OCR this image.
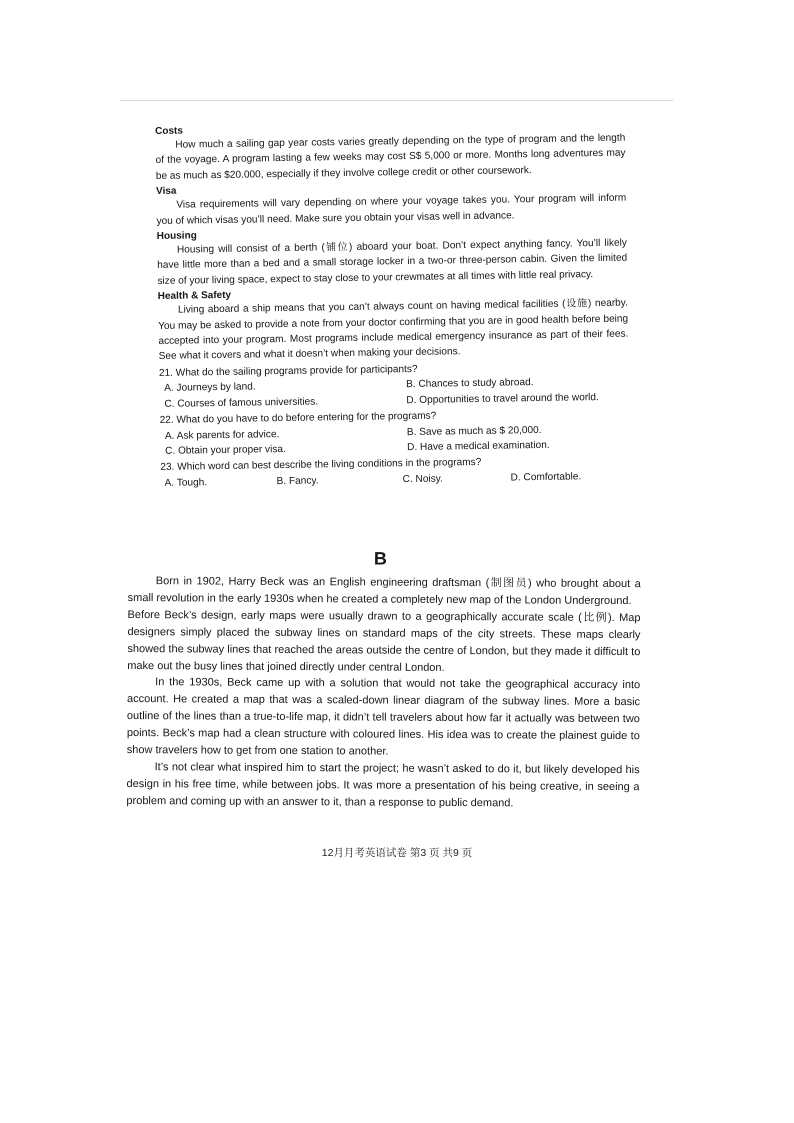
Costs

How much a sailing gap year costs varies greatly depending on the type of program and the length of the voyage. A program lasting a few weeks may cost S$ 5,000 or more. Months long adventures may be as much as $20.000, especially if they involve college credit or other coursework.

Visa

Visa requirements will vary depending on where your voyage takes you. Your program will inform you of which visas you’ll need. Make sure you obtain your visas well in advance.

Housing

Housing will consist of a berth (铺位) aboard your boat. Don’t expect anything fancy. You’ll likely have little more than a bed and a small storage locker in a two-or three-person cabin. Given the limited size of your living space, expect to stay close to your crewmates at all times with little real privacy.

Health & Safety

Living aboard a ship means that you can’t always count on having medical facilities (设施) nearby. You may be asked to provide a note from your doctor confirming that you are in good health before being accepted into your program. Most programs include medical emergency insurance as part of their fees. See what it covers and what it doesn’t when making your decisions.

21. What do the sailing programs provide for participants?
A. Journeys by land.	B. Chances to study abroad.
C. Courses of famous universities.	D. Opportunities to travel around the world.
22. What do you have to do before entering for the programs?
A. Ask parents for advice.	B. Save as much as $ 20,000.
C. Obtain your proper visa.	D. Have a medical examination.
23. Which word can best describe the living conditions in the programs?
A. Tough.	B. Fancy.	C. Noisy.	D. Comfortable.
B

Born in 1902, Harry Beck was an English engineering draftsman (制图员) who brought about a small revolution in the early 1930s when he created a completely new map of the London Underground.

Before Beck’s design, early maps were usually drawn to a geographically accurate scale (比例). Map designers simply placed the subway lines on standard maps of the city streets. These maps clearly showed the subway lines that reached the areas outside the centre of London, but they made it difficult to make out the busy lines that joined directly under central London.

In the 1930s, Beck came up with a solution that would not take the geographical accuracy into account. He created a map that was a scaled-down linear diagram of the subway lines. More a basic outline of the lines than a true-to-life map, it didn’t tell travelers about how far it actually was between two points. Beck’s map had a clean structure with coloured lines. His idea was to create the plainest guide to show travelers how to get from one station to another.

It’s not clear what inspired him to start the project; he wasn’t asked to do it, but likely developed his design in his free time, while between jobs. It was more a presentation of his being creative, in seeing a problem and coming up with an answer to it, than a response to public demand.

12月月考英语试卷 第3 页 共9 页
